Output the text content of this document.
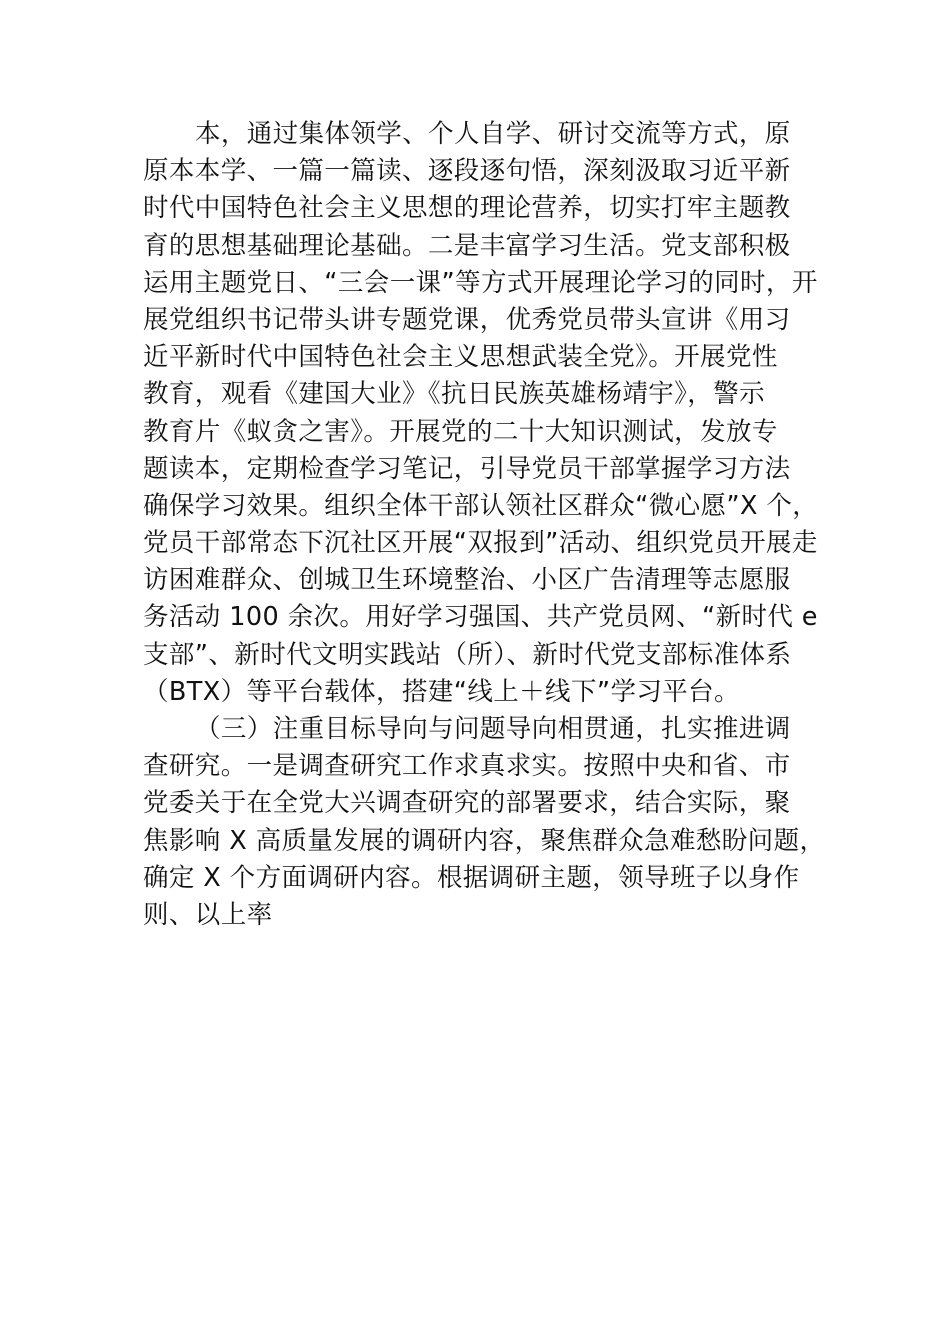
本，通过集体领学、个人自学、研讨交流等方式，原
原本本学、一篇一篇读、逐段逐句悟，深刻汲取习近平新
时代中国特色社会主义思想的理论营养，切实打牢主题教
育的思想基础理论基础。二是丰富学习生活。党支部积极
运用主题党日、“三会一课”等方式开展理论学习的同时，开
展党组织书记带头讲专题党课，优秀党员带头宣讲《用习
近平新时代中国特色社会主义思想武装全党》。开展党性
教育，观看《建国大业》《抗日民族英雄杨靖宇》，警示
教育片《蚁贪之害》。开展党的二十大知识测试，发放专
题读本，定期检查学习笔记，引导党员干部掌握学习方法
确保学习效果。组织全体干部认领社区群众“微心愿”X 个，
党员干部常态下沉社区开展“双报到”活动、组织党员开展走
访困难群众、创城卫生环境整治、小区广告清理等志愿服
务活动 100 余次。用好学习强国、共产党员网、“新时代 e
支部”、新时代文明实践站（所）、新时代党支部标准体系
（BTX）等平台载体，搭建“线上＋线下”学习平台。
（三）注重目标导向与问题导向相贯通，扎实推进调
查研究。一是调查研究工作求真求实。按照中央和省、市
党委关于在全党大兴调查研究的部署要求，结合实际，聚
焦影响 X 高质量发展的调研内容，聚焦群众急难愁盼问题，
确定 X 个方面调研内容。根据调研主题，领导班子以身作
则、以上率
